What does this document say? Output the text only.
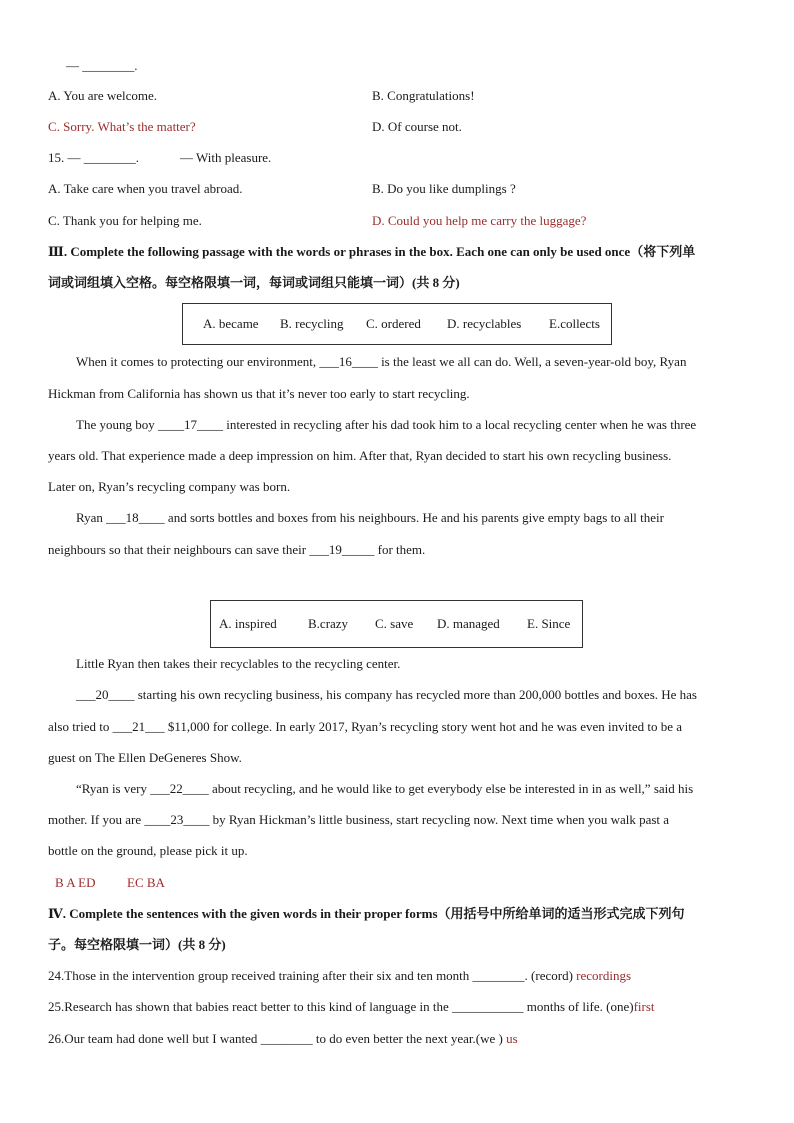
— ________.
A. You are welcome.	B. Congratulations!
C. Sorry. What’s the matter?	D. Of course not.
15. — ________.	— With pleasure.
A. Take care when you travel abroad.	B. Do you like dumplings ?
C. Thank you for helping me.	D. Could you help me carry the luggage?
Ⅲ. Complete the following passage with the words or phrases in the box. Each one can only be used once（将下列单
词或词组填入空格。每空格限填一词，每词或词组只能填一词）(共 8 分)
A. became B. recycling C. ordered D. recyclables E.collects
When it comes to protecting our environment, ___16____ is the least we all can do. Well, a seven-year-old boy, Ryan
Hickman from California has shown us that it’s never too early to start recycling.
The young boy ____17____ interested in recycling after his dad took him to a local recycling center when he was three
years old. That experience made a deep impression on him. After that, Ryan decided to start his own recycling business.
Later on, Ryan’s recycling company was born.
Ryan ___18____ and sorts bottles and boxes from his neighbours. He and his parents give empty bags to all their
neighbours so that their neighbours can save their ___19_____ for them.
A. inspired B.crazy C. save D. managed E. Since
Little Ryan then takes their recyclables to the recycling center.
___20____ starting his own recycling business, his company has recycled more than 200,000 bottles and boxes. He has
also tried to ___21___ $11,000 for college. In early 2017, Ryan’s recycling story went hot and he was even invited to be a
guest on The Ellen DeGeneres Show.
“Ryan is very ___22____ about recycling, and he would like to get everybody else be interested in in as well,” said his
mother. If you are ____23____ by Ryan Hickman’s little business, start recycling now. Next time when you walk past a
bottle on the ground, please pick it up.
B A ED EC BA
Ⅳ. Complete the sentences with the given words in their proper forms（用括号中所给单词的适当形式完成下列句
子。每空格限填一词）(共 8 分)
24.Those in the intervention group received training after their six and ten month ________. (record) recordings
25.Research has shown that babies react better to this kind of language in the ___________ months of life. (one)first
26.Our team had done well but I wanted ________ to do even better the next year.(we ) us
